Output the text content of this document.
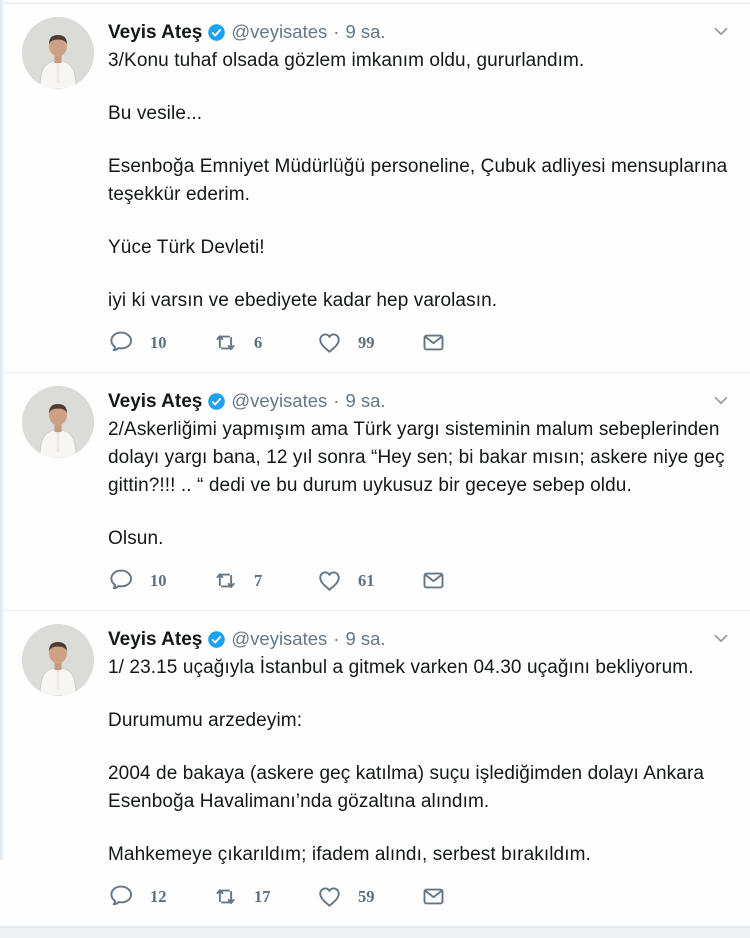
Veyis Ateş @veyisates · 9 sa.

3/Konu tuhaf olsada gözlem imkanım oldu, gururlandım.

Bu vesile...

Esenboğa Emniyet Müdürlüğü personeline, Çubuk adliyesi mensuplarına teşekkür ederim.

Yüce Türk Devleti!

iyi ki varsın ve ebediyete kadar hep varolasın.

10	6	99
Veyis Ateş @veyisates · 9 sa.

2/Askerliğimi yapmışım ama Türk yargı sisteminin malum sebeplerinden dolayı yargı bana, 12 yıl sonra “Hey sen; bi bakar mısın; askere niye geç gittin?!!! .. “ dedi ve bu durum uykusuz bir geceye sebep oldu.

Olsun.

10	7	61
Veyis Ateş @veyisates · 9 sa.

1/ 23.15 uçağıyla İstanbul a gitmek varken 04.30 uçağını bekliyorum.

Durumumu arzedeyim:

2004 de bakaya (askere geç katılma) suçu işlediğimden dolayı Ankara Esenboğa Havalimanı’nda gözaltına alındım.

Mahkemeye çıkarıldım; ifadem alındı, serbest bırakıldım.

12	17	59
